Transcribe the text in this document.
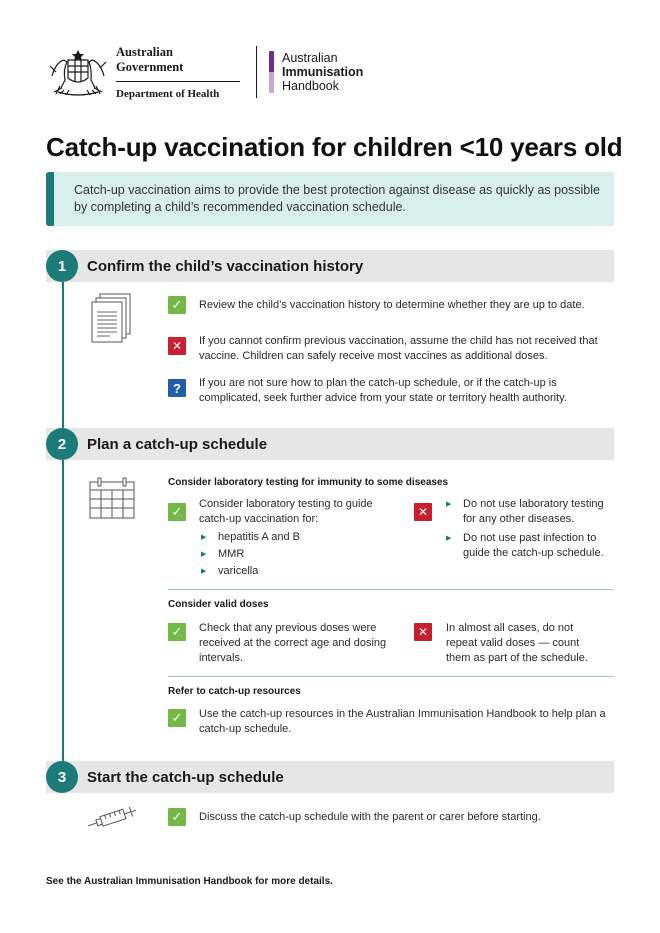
Australian Government
Department of Health
Australian
Immunisation
Handbook
Catch-up vaccination for children <10 years old

Catch-up vaccination aims to provide the best protection against disease as quickly as possible by completing a child’s recommended vaccination schedule.

1	Confirm the child’s vaccination history
✓	Review the child’s vaccination history to determine whether they are up to date.
✕	If you cannot confirm previous vaccination, assume the child has not received that vaccine. Children can safely receive most vaccines as additional doses.
?	If you are not sure how to plan the catch-up schedule, or if the catch-up is complicated, seek further advice from your state or territory health authority.
2	Plan a catch-up schedule
Consider laboratory testing for immunity to some diseases
✓	Consider laboratory testing to guide catch-up vaccination for:
▶ hepatitis A and B
▶ MMR
▶ varicella
✕
▶ Do not use laboratory testing for any other diseases.
▶ Do not use past infection to guide the catch-up schedule.
Consider valid doses
✓	Check that any previous doses were received at the correct age and dosing intervals.
✕	In almost all cases, do not repeat valid doses — count them as part of the schedule.
Refer to catch-up resources
✓	Use the catch-up resources in the Australian Immunisation Handbook to help plan a catch-up schedule.
3	Start the catch-up schedule
✓	Discuss the catch-up schedule with the parent or carer before starting.
See the Australian Immunisation Handbook for more details.
